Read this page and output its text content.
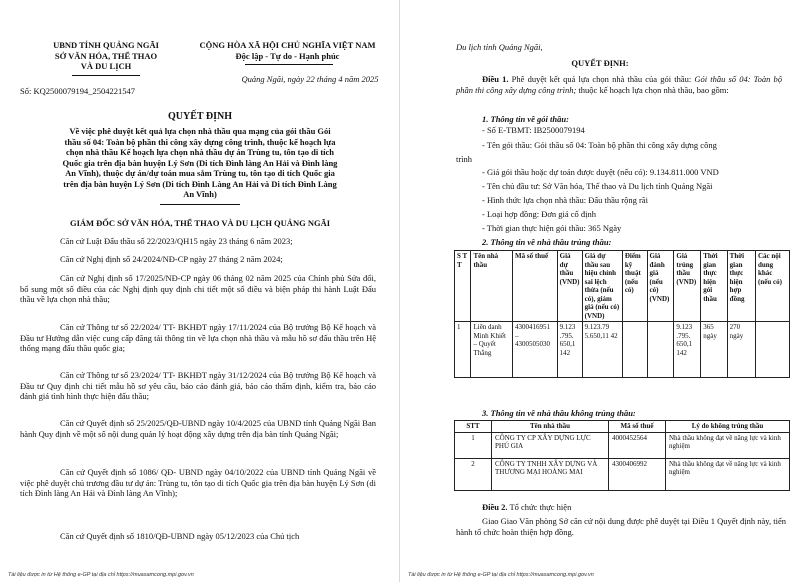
UBND TỈNH QUẢNG NGÃI
SỞ VĂN HÓA, THỂ THAO
VÀ DU LỊCH
Số: KQ2500079194_2504221547
CỘNG HÒA XÃ HỘI CHỦ NGHĨA VIỆT NAM
Độc lập - Tự do - Hạnh phúc
Quảng Ngãi, ngày 22 tháng 4 năm 2025
QUYẾT ĐỊNH
Về việc phê duyệt kết quả lựa chọn nhà thầu qua mạng của gói thầu Gói
thầu số 04: Toàn bộ phần thi công xây dựng công trình, thuộc kế hoạch lựa
chọn nhà thầu Kế hoạch lựa chọn nhà thầu dự án Trùng tu, tôn tạo di tích
Quốc gia trên địa bàn huyện Lý Sơn (Di tích Đình làng An Hải và Đình làng
An Vĩnh), thuộc dự án/dự toán mua sắm Trùng tu, tôn tạo di tích Quốc gia
trên địa bàn huyện Lý Sơn (Di tích Đình Làng An Hải và Di tích Đình Làng
An Vĩnh)
GIÁM ĐỐC SỞ VĂN HÓA, THỂ THAO VÀ DU LỊCH QUẢNG NGÃI
Căn cứ Luật Đấu thầu số 22/2023/QH15 ngày 23 tháng 6 năm 2023;
Căn cứ Nghị định số 24/2024/NĐ-CP ngày 27 tháng 2 năm 2024;
Căn cứ Nghị định số 17/2025/NĐ-CP ngày 06 tháng 02 năm 2025 của Chính phủ Sửa đổi, bổ sung một số điều của các Nghị định quy định chi tiết một số điều và biện pháp thi hành Luật Đấu thầu về lựa chọn nhà thầu;
Căn cứ Thông tư số 22/2024/ TT- BKHĐT ngày 17/11/2024 của Bộ trưởng Bộ Kế hoạch và Đầu tư Hướng dẫn việc cung cấp đăng tải thông tin về lựa chọn nhà thầu và mẫu hồ sơ đấu thầu trên Hệ thống mạng đấu thầu quốc gia;
Căn cứ Thông tư số 23/2024/ TT- BKHĐT ngày 31/12/2024 của Bộ trưởng Bộ Kế hoạch và Đầu tư Quy định chi tiết mẫu hồ sơ yêu cầu, báo cáo đánh giá, báo cáo thẩm định, kiểm tra, báo cáo đánh giá tình hình thực hiện đấu thầu;
Căn cứ Quyết định số 25/2025/QĐ-UBND ngày 10/4/2025 của UBND tỉnh Quảng Ngãi Ban hành Quy định về một số nội dung quản lý hoạt động xây dựng trên địa bàn tỉnh Quảng Ngãi;
Căn cứ Quyết định số 1086/ QĐ- UBND ngày 04/10/2022 của UBND tỉnh Quảng Ngãi về việc phê duyệt chủ trương đầu tư dự án: Trùng tu, tôn tạo di tích Quốc gia trên địa bàn huyện Lý Sơn (di tích Đình làng An Hải và Đình làng An Vĩnh);
Căn cứ Quyết định số 1810/QĐ-UBND ngày 05/12/2023 của Chủ tịch
Tài liệu được in từ Hệ thống e-GP tại địa chỉ https://muasamcong.mpi.gov.vn
Du lịch tỉnh Quảng Ngãi,
QUYẾT ĐỊNH:
Điều 1. Phê duyệt kết quả lựa chọn nhà thầu của gói thầu: Gói thầu số 04: Toàn bộ phần thi công xây dựng công trình; thuộc kế hoạch lựa chọn nhà thầu, bao gồm:
1. Thông tin về gói thầu:
- Số E-TBMT: IB2500079194
- Tên gói thầu: Gói thầu số 04: Toàn bộ phần thi công xây dựng công
trình
- Giá gói thầu hoặc dự toán được duyệt (nếu có): 9.134.811.000 VND
- Tên chủ đầu tư: Sở Văn hóa, Thể thao và Du lịch tỉnh Quảng Ngãi
- Hình thức lựa chọn nhà thầu: Đấu thầu rộng rãi
- Loại hợp đồng: Đơn giá cố định
- Thời gian thực hiện gói thầu: 365 Ngày
2. Thông tin về nhà thầu trúng thầu:
S T T	Tên nhà thầu	Mã số thuế	Giá dự thầu (VND)	Giá dự thầu sau hiệu chỉnh sai lệch thừa (nếu có), giảm giá (nếu có) (VND)	Điểm kỹ thuật (nếu có)	Giá đánh giá (nếu có) (VND)	Giá trúng thầu (VND)	Thời gian thực hiện gói thầu	Thời gian thực hiện hợp đồng	Các nội dung khác (nếu có)
1	Liên danh Minh Khiết – Quyết Thắng	4300416951 – 4300505030	9.123 .795. 650,1 142	9.123.79 5.650,11 42			9.123 .795. 650,1 142	365 ngày	270 ngày	
3. Thông tin về nhà thầu không trúng thầu:
STT	Tên nhà thầu	Mã số thuế	Lý do không trúng thầu
1	CÔNG TY CP XÂY DỰNG LỰC PHÚ GIA	4000452564	Nhà thầu không đạt về năng lực và kinh nghiệm
2	CÔNG TY TNHH XÂY DỰNG VÀ THƯƠNG MẠI HOÀNG MAI	4300406992	Nhà thầu không đạt về năng lực và kinh nghiệm
Điều 2. Tổ chức thực hiện
Giao Giao Văn phòng Sở căn cứ nội dung được phê duyệt tại Điều 1 Quyết định này, tiến hành tổ chức hoàn thiện hợp đồng.
Tài liệu được in từ Hệ thống e-GP tại địa chỉ https://muasamcong.mpi.gov.vn
